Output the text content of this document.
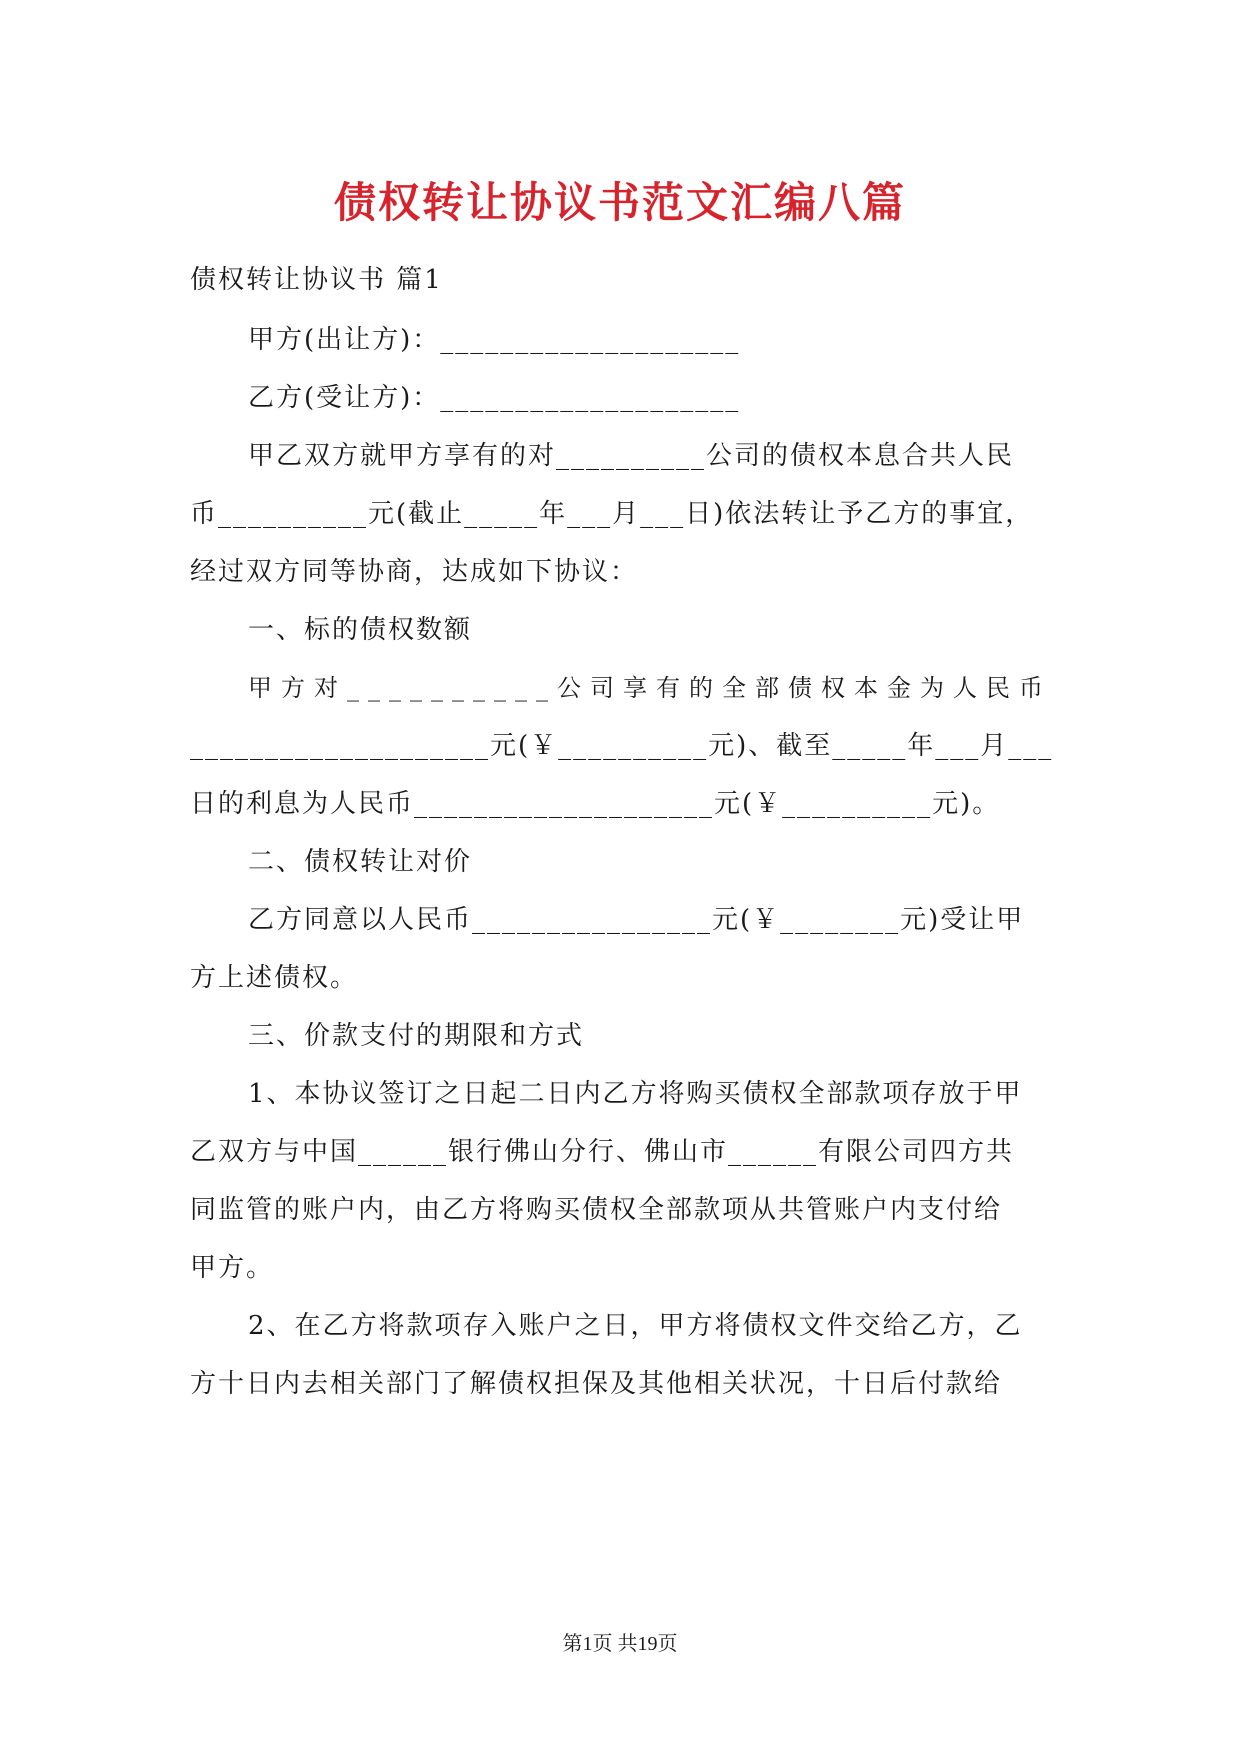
债权转让协议书范文汇编八篇
债权转让协议书 篇1
甲方(出让方)：____________________
乙方(受让方)：____________________
甲乙双方就甲方享有的对__________公司的债权本息合共人民
币__________元(截止_____年___月___日)依法转让予乙方的事宜，
经过双方同等协商，达成如下协议：
一、标的债权数额
甲方对__________公司享有的全部债权本金为人民币
____________________元(￥__________元)、截至_____年___月___
日的利息为人民币____________________元(￥__________元)。
二、债权转让对价
乙方同意以人民币________________元(￥________元)受让甲
方上述债权。
三、价款支付的期限和方式
1、本协议签订之日起二日内乙方将购买债权全部款项存放于甲
乙双方与中国______银行佛山分行、佛山市______有限公司四方共
同监管的账户内，由乙方将购买债权全部款项从共管账户内支付给
甲方。
2、在乙方将款项存入账户之日，甲方将债权文件交给乙方，乙
方十日内去相关部门了解债权担保及其他相关状况，十日后付款给
第1页 共19页
